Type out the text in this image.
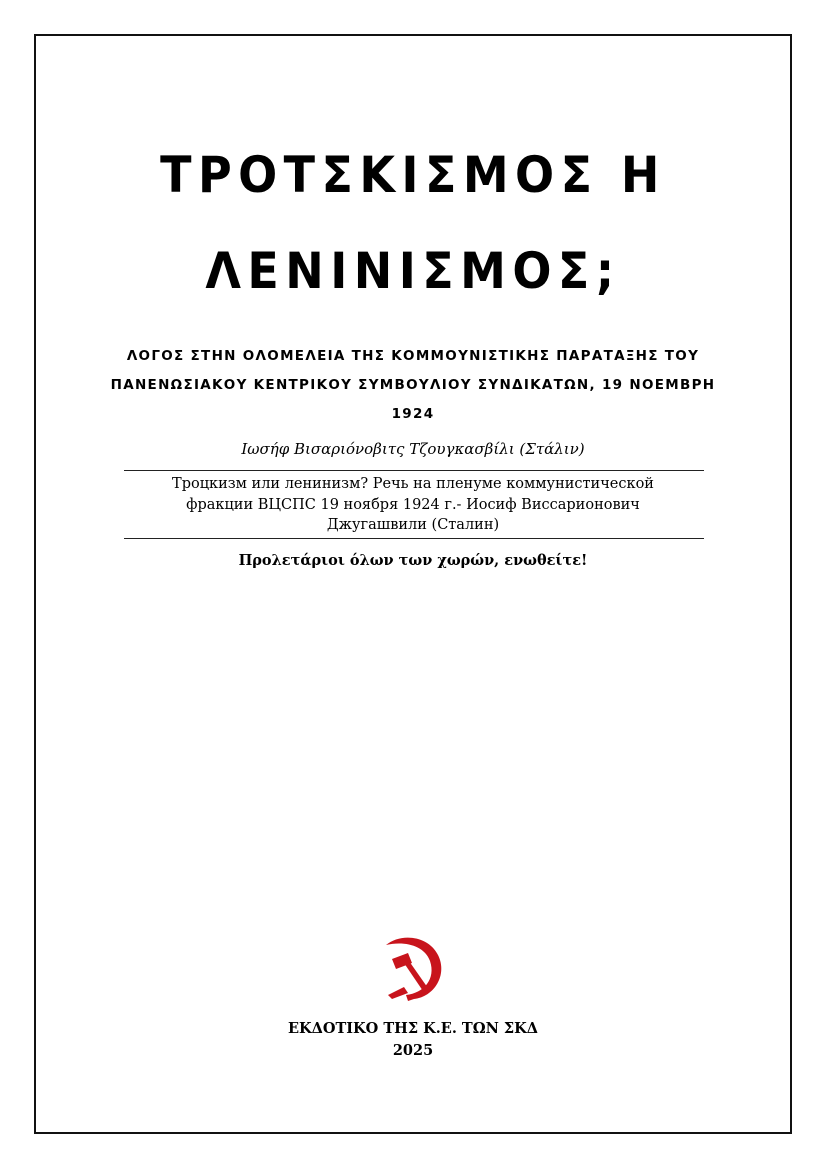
ΤΡΟΤΣΚΙΣΜΟΣ Η
ΛΕΝΙΝΙΣΜΟΣ;
ΛΟΓΟΣ ΣΤΗΝ ΟΛΟΜΕΛΕΙΑ ΤΗΣ ΚΟΜΜΟΥΝΙΣΤΙΚΗΣ ΠΑΡΑΤΑΞΗΣ ΤΟΥ ΠΑΝΕΝΩΣΙΑΚΟΥ ΚΕΝΤΡΙΚΟΥ ΣΥΜΒΟΥΛΙΟΥ ΣΥΝΔΙΚΑΤΩΝ, 19 ΝΟΕΜΒΡΗ 1924
Ιωσήφ Βισαριόνοβιτς Τζουγκασβίλι (Στάλιν)
Троцкизм или ленинизм? Речь на пленуме коммунистической фракции ВЦСПС 19 ноября 1924 г.- Иосиф Виссарионович Джугашвили (Сталин)
Προλετάριοι όλων των χωρών, ενωθείτε!
ΕΚΔΟΤΙΚΟ ΤΗΣ Κ.Ε. ΤΩΝ ΣΚΔ
2025
